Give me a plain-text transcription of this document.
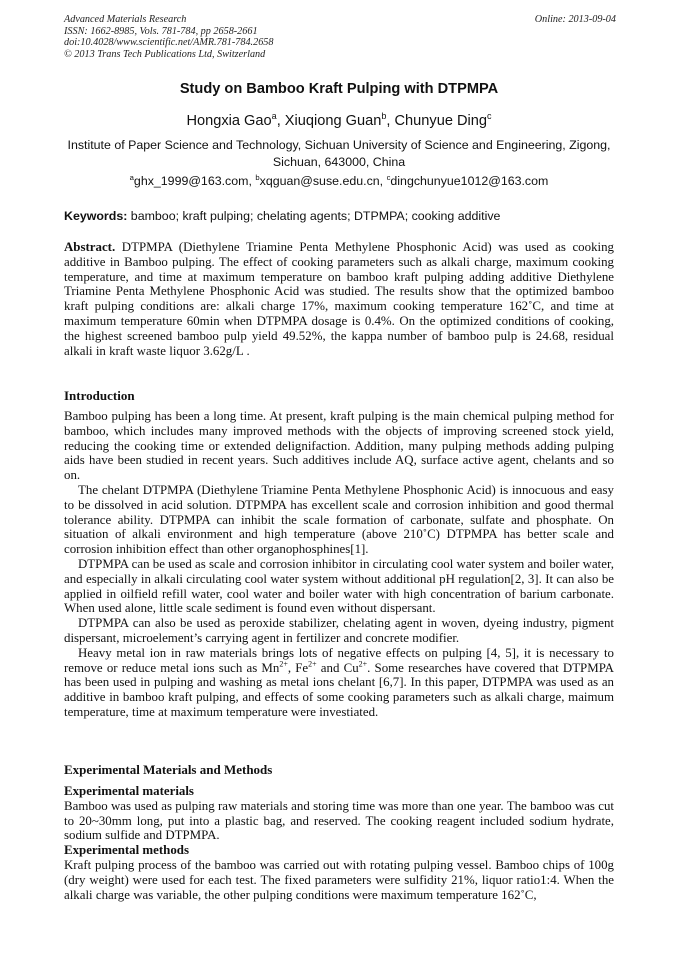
Advanced Materials Research
ISSN: 1662-8985, Vols. 781-784, pp 2658-2661
doi:10.4028/www.scientific.net/AMR.781-784.2658
© 2013 Trans Tech Publications Ltd, Switzerland
Online: 2013-09-04
Study on Bamboo Kraft Pulping with DTPMPA
Hongxia Gao$^a$, Xiuqiong Guan$^b$, Chunyue Ding$^c$
Institute of Paper Science and Technology, Sichuan University of Science and Engineering, Zigong, Sichuan, 643000, China
$^a$ghx_1999@163.com, $^b$xqguan@suse.edu.cn, $^c$dingchunyue1012@163.com
Keywords: bamboo; kraft pulping; chelating agents; DTPMPA; cooking additive
Abstract. DTPMPA (Diethylene Triamine Penta Methylene Phosphonic Acid) was used as cooking additive in Bamboo pulping. The effect of cooking parameters such as alkali charge, maximum cooking temperature, and time at maximum temperature on bamboo kraft pulping adding additive Diethylene Triamine Penta Methylene Phosphonic Acid was studied. The results show that the optimized bamboo kraft pulping conditions are: alkali charge 17%, maximum cooking temperature 162˚C, and time at maximum temperature 60min when DTPMPA dosage is 0.4%. On the optimized conditions of cooking, the highest screened bamboo pulp yield 49.52%, the kappa number of bamboo pulp is 24.68, residual alkali in kraft waste liquor 3.62g/L .
Introduction

Bamboo pulping has been a long time. At present, kraft pulping is the main chemical pulping method for bamboo, which includes many improved methods with the objects of improving screened stock yield, reducing the cooking time or extended delignifaction. Addition, many pulping methods adding pulping aids have been studied in recent years. Such additives include AQ, surface active agent, chelants and so on.

The chelant DTPMPA (Diethylene Triamine Penta Methylene Phosphonic Acid) is innocuous and easy to be dissolved in acid solution. DTPMPA has excellent scale and corrosion inhibition and good thermal tolerance ability. DTPMPA can inhibit the scale formation of carbonate, sulfate and phosphate. On situation of alkali environment and high temperature (above 210˚C) DTPMPA has better scale and corrosion inhibition effect than other organophosphines[1].

DTPMPA can be used as scale and corrosion inhibitor in circulating cool water system and boiler water, and especially in alkali circulating cool water system without additional pH regulation[2, 3]. It can also be applied in oilfield refill water, cool water and boiler water with high concentration of barium carbonate. When used alone, little scale sediment is found even without dispersant.

DTPMPA can also be used as peroxide stabilizer, chelating agent in woven, dyeing industry, pigment dispersant, microelement’s carrying agent in fertilizer and concrete modifier.

Heavy metal ion in raw materials brings lots of negative effects on pulping [4, 5], it is necessary to remove or reduce metal ions such as $Mn^{2+}$, $Fe^{2+}$ and $Cu^{2+}$. Some researches have covered that DTPMPA has been used in pulping and washing as metal ions chelant [6,7]. In this paper, DTPMPA was used as an additive in bamboo kraft pulping, and effects of some cooking parameters such as alkali charge, maimum temperature, time at maximum temperature were investiated.

Experimental Materials and Methods
Experimental materials

Bamboo was used as pulping raw materials and storing time was more than one year. The bamboo was cut to 20~30mm long, put into a plastic bag, and reserved. The cooking reagent included sodium hydrate, sodium sulfide and DTPMPA.

Experimental methods

Kraft pulping process of the bamboo was carried out with rotating pulping vessel. Bamboo chips of 100g (dry weight) were used for each test. The fixed parameters were sulfidity 21%, liquor ratio1:4. When the alkali charge was variable, the other pulping conditions were maximum temperature 162˚C,
